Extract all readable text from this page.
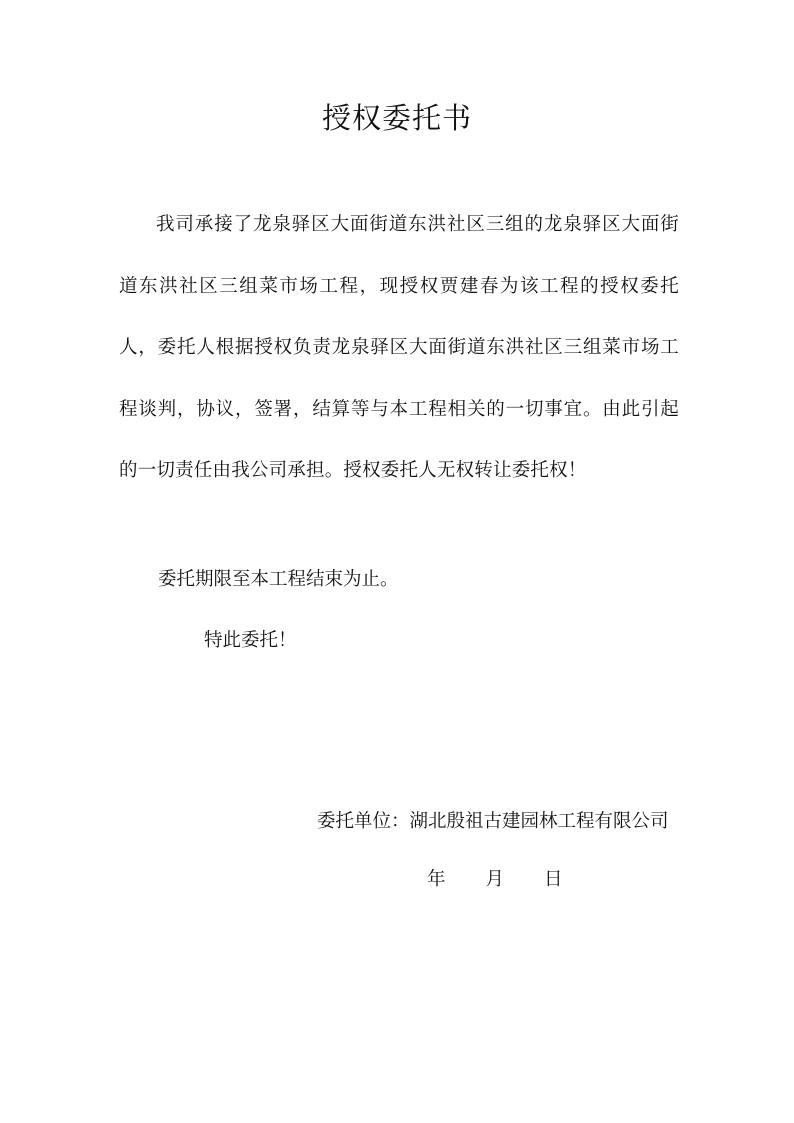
授权委托书

我司承接了龙泉驿区大面街道东洪社区三组的龙泉驿区大面街道东洪社区三组菜市场工程，现授权贾建春为该工程的授权委托人，委托人根据授权负责龙泉驿区大面街道东洪社区三组菜市场工程谈判，协议，签署，结算等与本工程相关的一切事宜。由此引起的一切责任由我公司承担。授权委托人无权转让委托权！

委托期限至本工程结束为止。

特此委托！

委托单位：湖北殷祖古建园林工程有限公司

年 月 日
